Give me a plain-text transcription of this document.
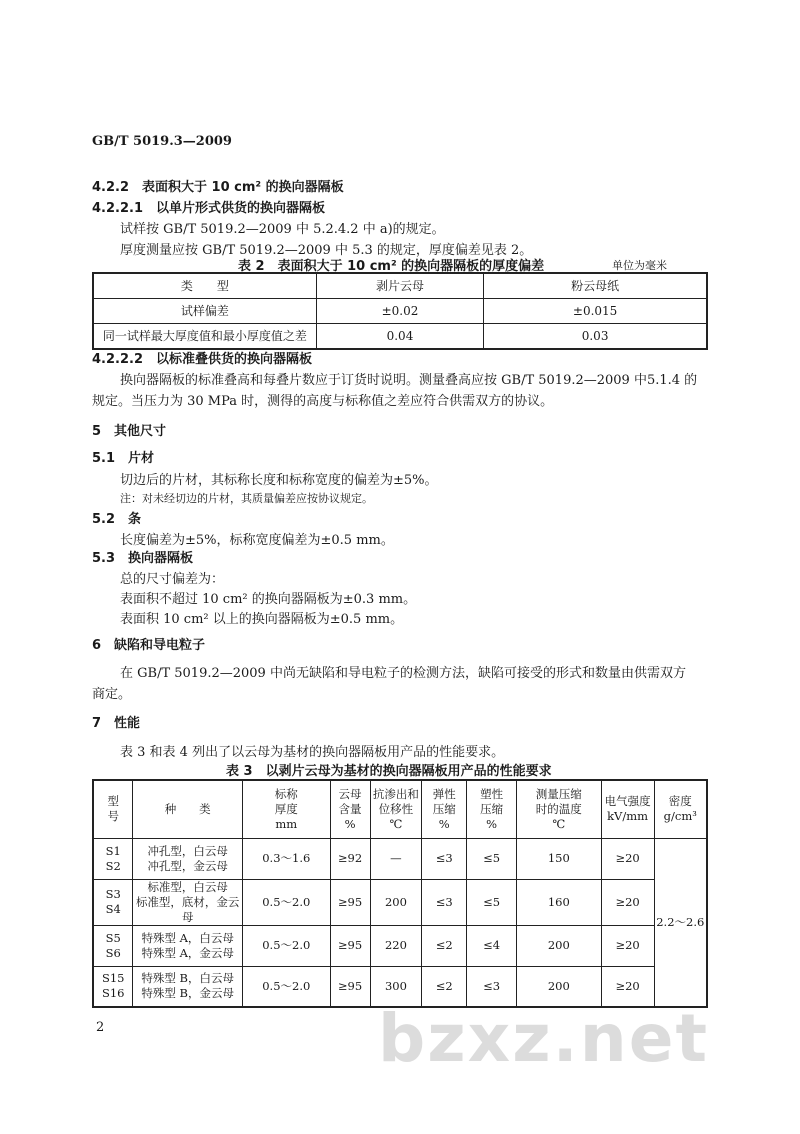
GB/T 5019.3—2009
4.2.2　表面积大于 10 cm² 的换向器隔板
4.2.2.1　以单片形式供货的换向器隔板
试样按 GB/T 5019.2—2009 中 5.2.4.2 中 a)的规定。
厚度测量应按 GB/T 5019.2—2009 中 5.3 的规定，厚度偏差见表 2。
表 2　表面积大于 10 cm² 的换向器隔板的厚度偏差	单位为毫米
类　　型	剥片云母	粉云母纸
试样偏差	±0.02	±0.015
同一试样最大厚度值和最小厚度值之差	0.04	0.03
4.2.2.2　以标准叠供货的换向器隔板
换向器隔板的标准叠高和每叠片数应于订货时说明。测量叠高应按 GB/T 5019.2—2009 中5.1.4 的
规定。当压力为 30 MPa 时，测得的高度与标称值之差应符合供需双方的协议。
5　其他尺寸
5.1　片材
切边后的片材，其标称长度和标称宽度的偏差为±5%。
注：对未经切边的片材，其质量偏差应按协议规定。
5.2　条
长度偏差为±5%，标称宽度偏差为±0.5 mm。
5.3　换向器隔板
总的尺寸偏差为：
表面积不超过 10 cm² 的换向器隔板为±0.3 mm。
表面积 10 cm² 以上的换向器隔板为±0.5 mm。
6　缺陷和导电粒子
在 GB/T 5019.2—2009 中尚无缺陷和导电粒子的检测方法，缺陷可接受的形式和数量由供需双方
商定。
7　性能
表 3 和表 4 列出了以云母为基材的换向器隔板用产品的性能要求。
表 3　以剥片云母为基材的换向器隔板用产品的性能要求
型
号	种　　类	标称
厚度
mm	云母
含量
%	抗渗出和
位移性
℃	弹性
压缩
%	塑性
压缩
%	测量压缩
时的温度
℃	电气强度
kV/mm	密度
g/cm³

S1
S2	冲孔型，白云母
冲孔型，金云母	0.3～1.6	≥92	—	≤3	≤5	150	≥20	2.2～2.6

S3
S4	标准型，白云母
标准型，底材，金云母	0.5～2.0	≥95	200	≤3	≤5	160	≥20	

S5
S6	特殊型 A，白云母
特殊型 A，金云母	0.5～2.0	≥95	220	≤2	≤4	200	≥20	

S15
S16	特殊型 B，白云母
特殊型 B，金云母	0.5～2.0	≥95	300	≤2	≤3	200	≥20	
2	bzxz.net
